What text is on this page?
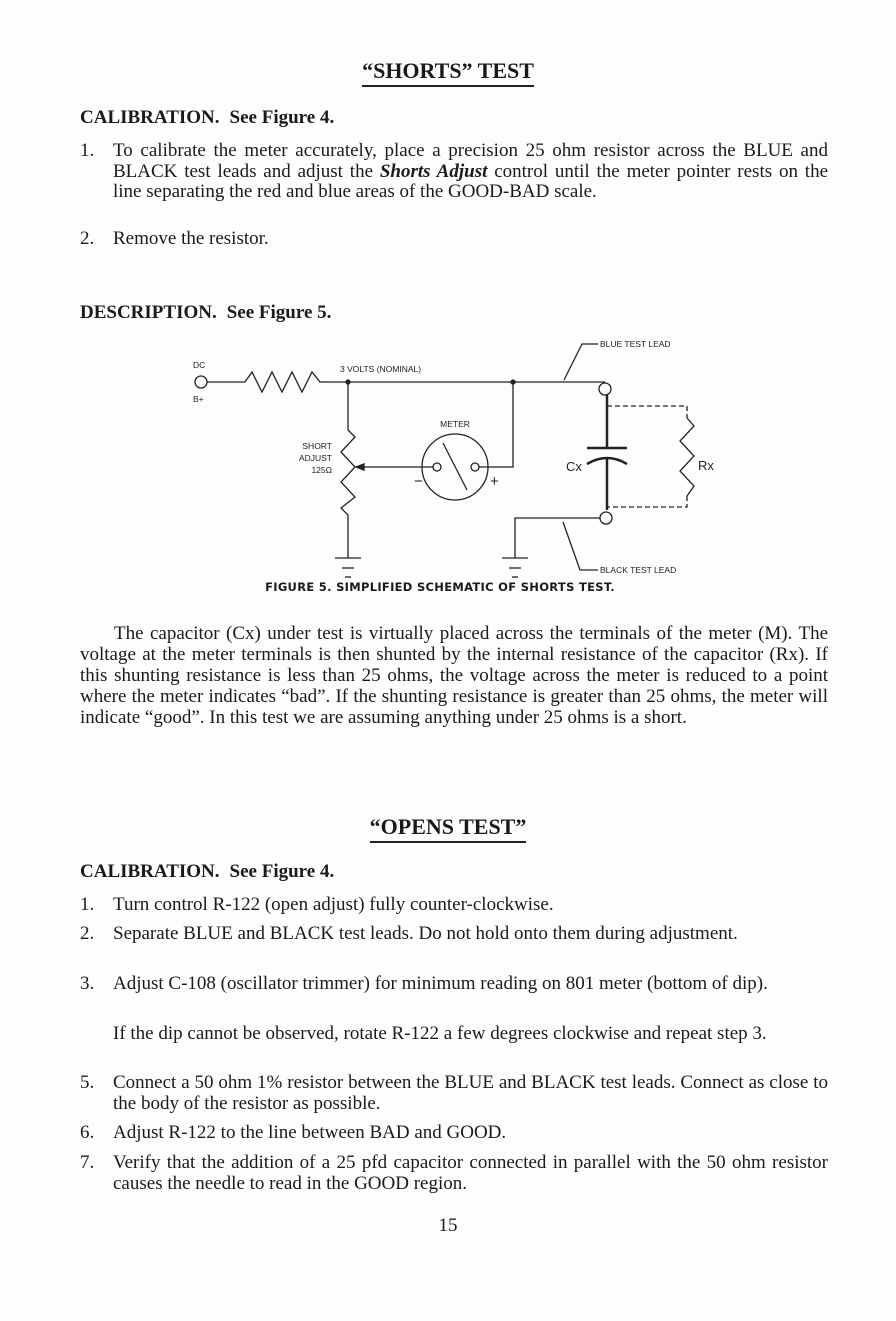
“SHORTS” TEST
CALIBRATION. See Figure 4.
1. To calibrate the meter accurately, place a precision 25 ohm resistor across the BLUE and BLACK test leads and adjust the Shorts Adjust control until the meter pointer rests on the line separating the red and blue areas of the GOOD-BAD scale.
2. Remove the resistor.
DESCRIPTION. See Figure 5.
DC
B+
3 VOLTS (NOMINAL)
SHORT
ADJUST
125Ω
METER
−	+
Cx	Rx
BLUE TEST LEAD
BLACK TEST LEAD
FIGURE 5. SIMPLIFIED SCHEMATIC OF SHORTS TEST.
The capacitor (Cx) under test is virtually placed across the terminals of the meter (M). The voltage at the meter terminals is then shunted by the internal resistance of the capacitor (Rx). If this shunting resistance is less than 25 ohms, the voltage across the meter is reduced to a point where the meter indicates “bad”. If the shunting resistance is greater than 25 ohms, the meter will indicate “good”. In this test we are assuming anything under 25 ohms is a short.
“OPENS TEST”
CALIBRATION. See Figure 4.
1. Turn control R-122 (open adjust) fully counter-clockwise.
2. Separate BLUE and BLACK test leads. Do not hold onto them during adjustment.
3. Adjust C-108 (oscillator trimmer) for minimum reading on 801 meter (bottom of dip).
If the dip cannot be observed, rotate R-122 a few degrees clockwise and repeat step 3.
5. Connect a 50 ohm 1% resistor between the BLUE and BLACK test leads. Connect as close to the body of the resistor as possible.
6. Adjust R-122 to the line between BAD and GOOD.
7. Verify that the addition of a 25 pfd capacitor connected in parallel with the 50 ohm resistor causes the needle to read in the GOOD region.
15
